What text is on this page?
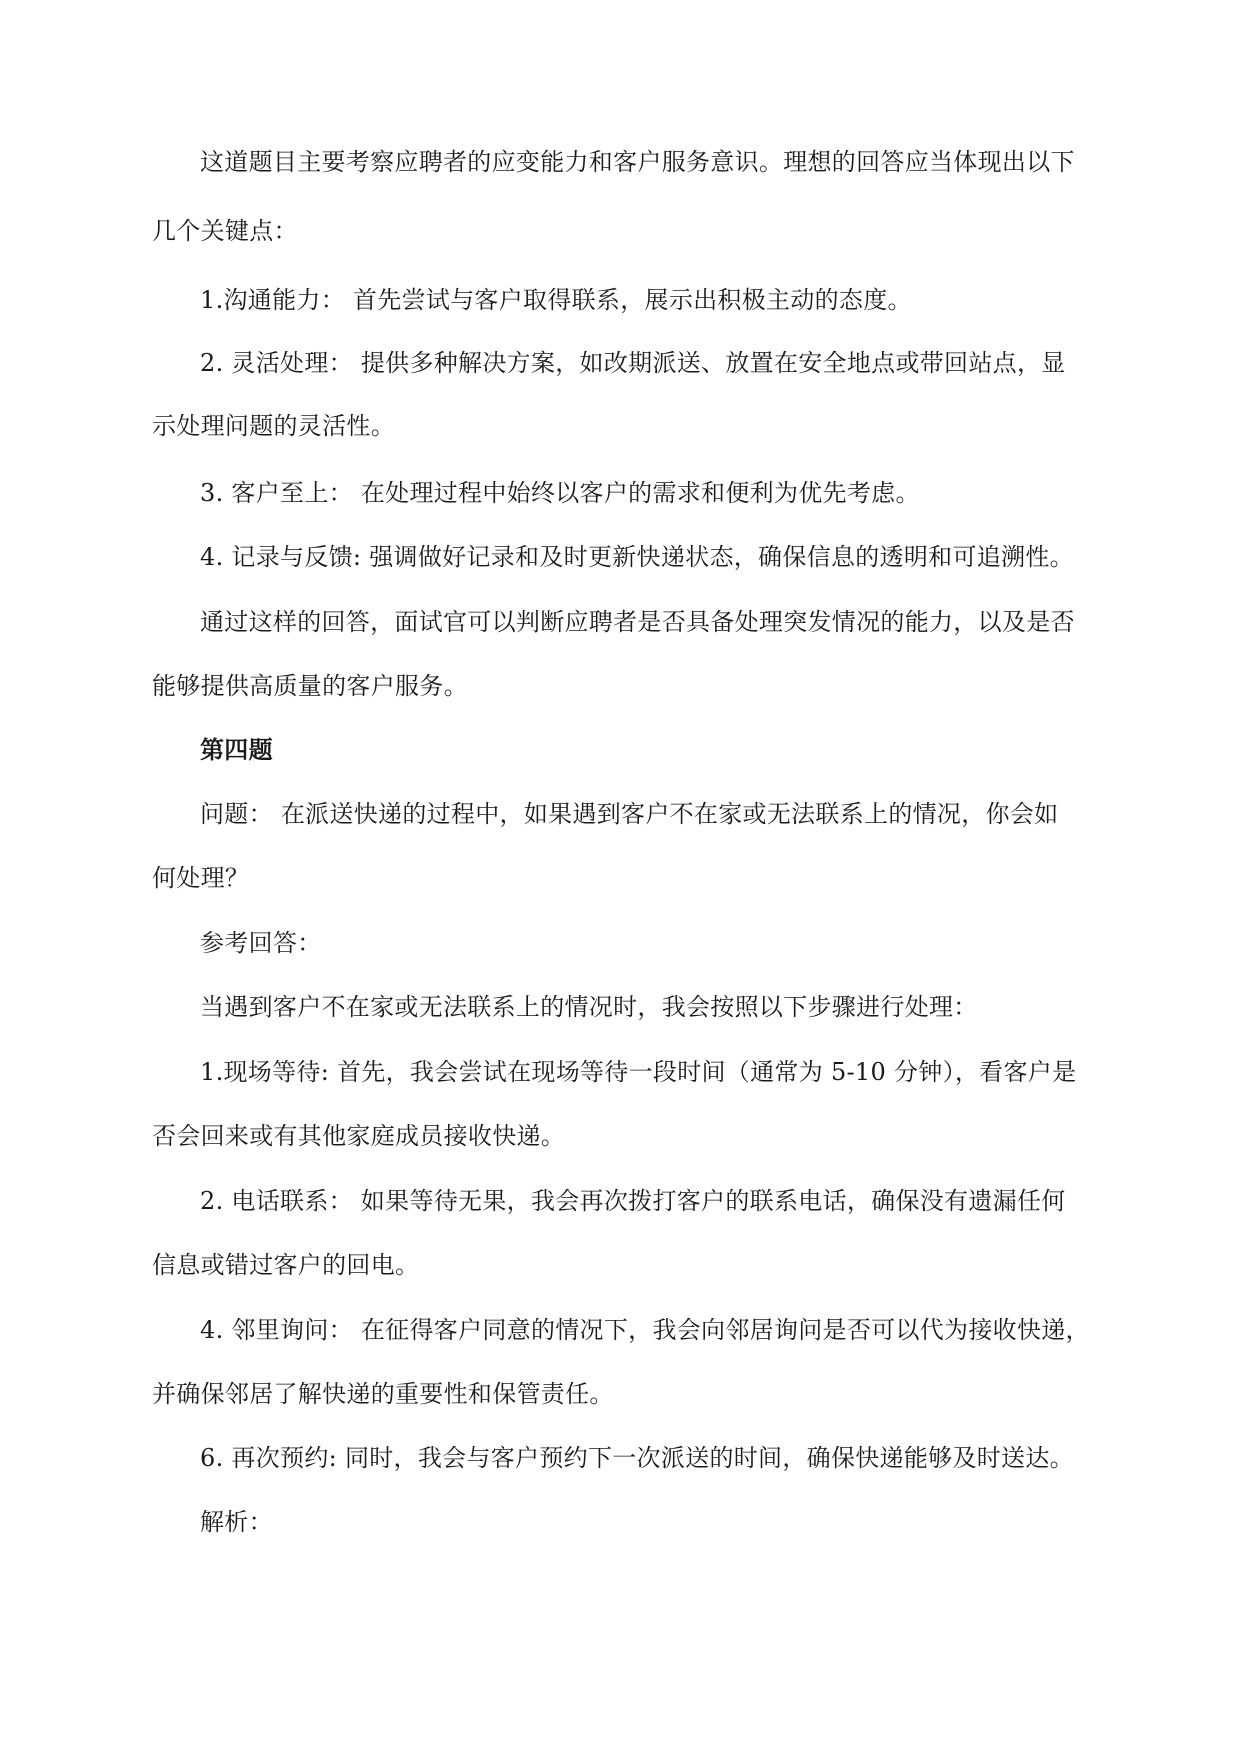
这道题目主要考察应聘者的应变能力和客户服务意识。理想的回答应当体现出以下

几个关键点：

1.沟通能力： 首先尝试与客户取得联系，展示出积极主动的态度。

2. 灵活处理： 提供多种解决方案，如改期派送、放置在安全地点或带回站点，显

示处理问题的灵活性。

3. 客户至上： 在处理过程中始终以客户的需求和便利为优先考虑。

4. 记录与反馈: 强调做好记录和及时更新快递状态，确保信息的透明和可追溯性。

通过这样的回答，面试官可以判断应聘者是否具备处理突发情况的能力，以及是否

能够提供高质量的客户服务。

第四题

问题： 在派送快递的过程中，如果遇到客户不在家或无法联系上的情况，你会如

何处理？

参考回答：

当遇到客户不在家或无法联系上的情况时，我会按照以下步骤进行处理：

1.现场等待: 首先，我会尝试在现场等待一段时间（通常为 5-10 分钟），看客户是

否会回来或有其他家庭成员接收快递。

2. 电话联系： 如果等待无果，我会再次拨打客户的联系电话，确保没有遗漏任何

信息或错过客户的回电。

4. 邻里询问： 在征得客户同意的情况下，我会向邻居询问是否可以代为接收快递，

并确保邻居了解快递的重要性和保管责任。

6. 再次预约: 同时，我会与客户预约下一次派送的时间，确保快递能够及时送达。

解析：
